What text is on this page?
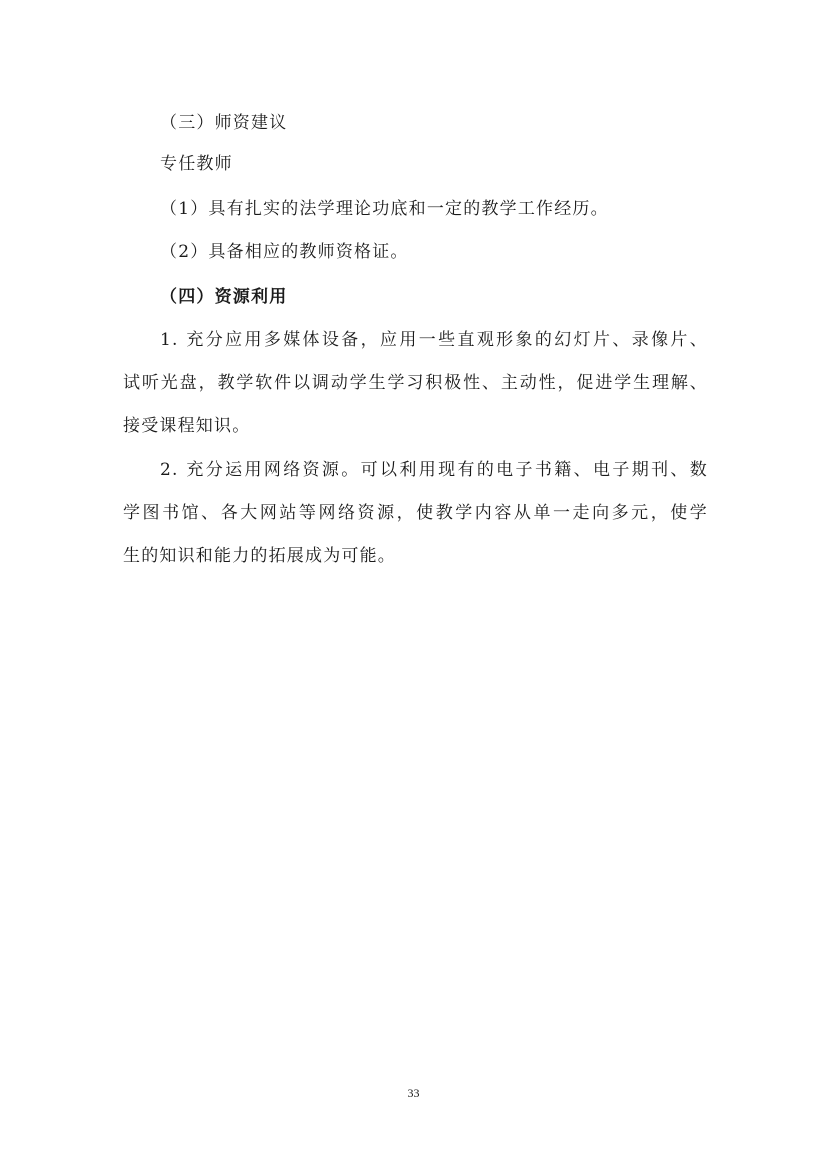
（三）师资建议
专任教师
（1）具有扎实的法学理论功底和一定的教学工作经历。
（2）具备相应的教师资格证。
（四）资源利用
1. 充分应用多媒体设备，应用一些直观形象的幻灯片、录像片、
试听光盘，教学软件以调动学生学习积极性、主动性，促进学生理解、
接受课程知识。
2. 充分运用网络资源。可以利用现有的电子书籍、电子期刊、数
学图书馆、各大网站等网络资源，使教学内容从单一走向多元，使学
生的知识和能力的拓展成为可能。
33
